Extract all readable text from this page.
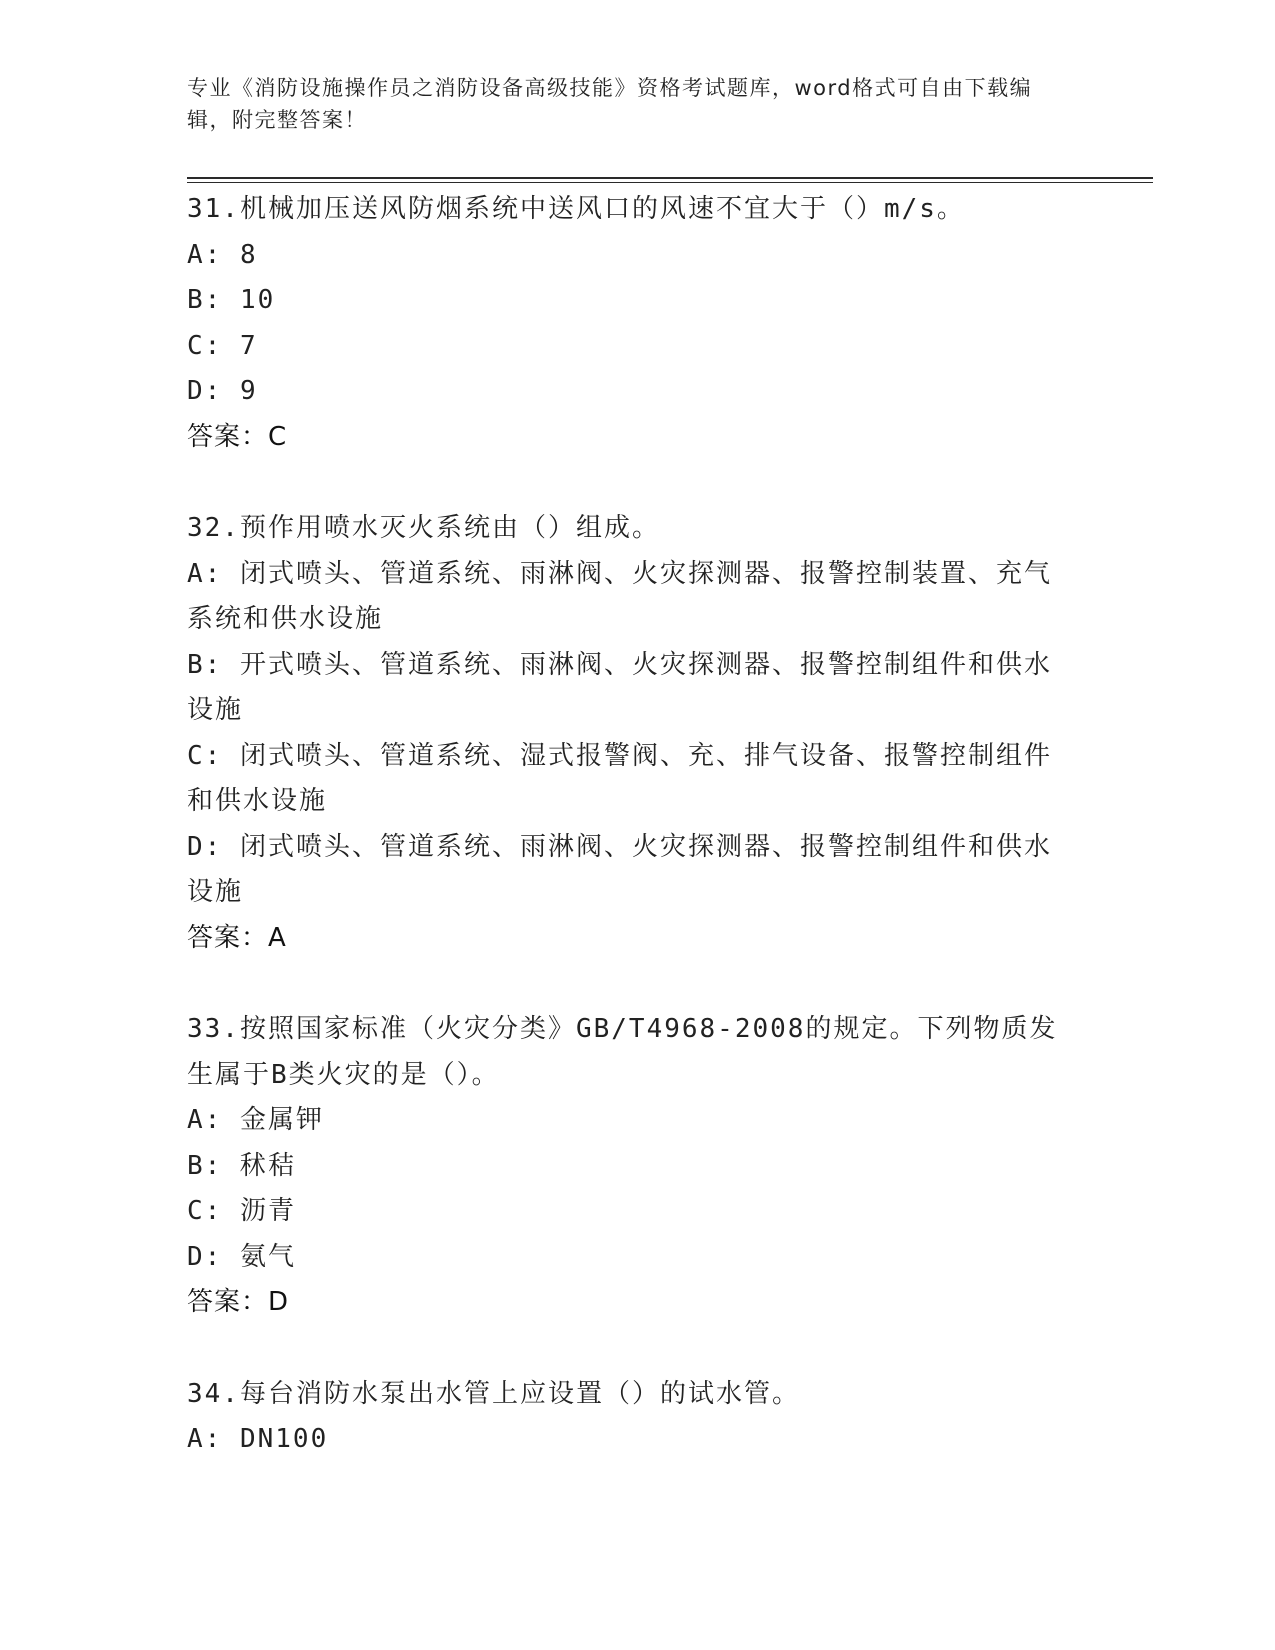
专业《消防设施操作员之消防设备高级技能》资格考试题库，word格式可自由下载编辑，附完整答案！

31.机械加压送风防烟系统中送风口的风速不宜大于（）m/s。

A: 8

B: 10

C: 7

D: 9

答案：C

32.预作用喷水灭火系统由（）组成。

A: 闭式喷头、管道系统、雨淋阀、火灾探测器、报警控制装置、充气系统和供水设施

B: 开式喷头、管道系统、雨淋阀、火灾探测器、报警控制组件和供水设施

C: 闭式喷头、管道系统、湿式报警阀、充、排气设备、报警控制组件和供水设施

D: 闭式喷头、管道系统、雨淋阀、火灾探测器、报警控制组件和供水设施

答案：A

33.按照国家标准（火灾分类》GB/T4968-2008的规定。下列物质发生属于B类火灾的是（）。

A: 金属钾

B: 秫秸

C: 沥青

D: 氨气

答案：D

34.每台消防水泵出水管上应设置（）的试水管。

A: DN100
